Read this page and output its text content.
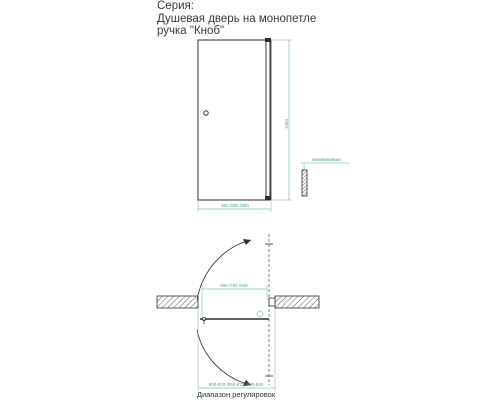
Серия:
Душевая дверь на монопетле
ручка "Кноб"
1950
800 /820 /900
6мм/6мм/6мм
690 /760 /840
800-820 /850-870 /900-920
Диапазон регулировок
